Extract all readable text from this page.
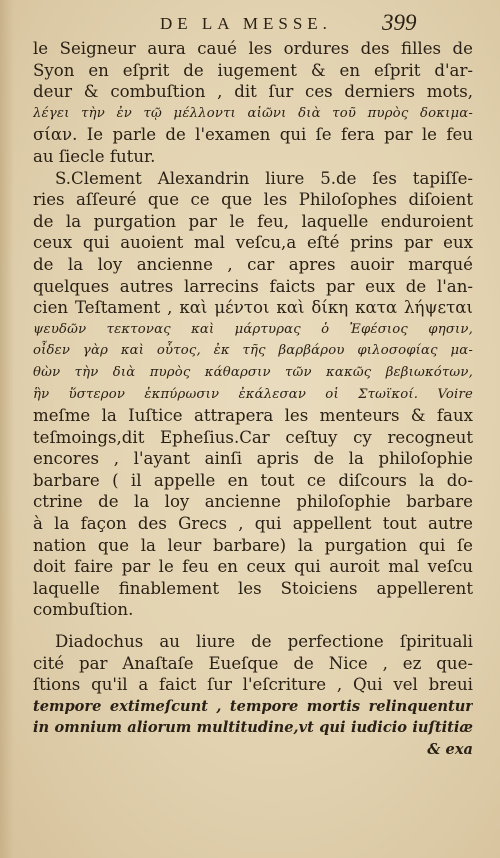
DE LA MESSE. 399
le Seigneur aura caué les ordures des filles de
Syon en eſprit de iugement & en eſprit d'ar-
deur & combuſtion , dit ſur ces derniers mots,
λέγει τὴν ἐν τῷ μέλλοντι αἰῶνι διὰ τοῦ πυρὸς δοκιμα-
σίαν. Ie parle de l'examen qui ſe fera par le feu
au ſiecle futur.
S.Clement Alexandrin liure 5.de ſes tapiſſe-
ries aſſeuré que ce que les Philoſophes diſoient
de la purgation par le feu, laquelle enduroient
ceux qui auoient mal veſcu,a eſté prins par eux
de la loy ancienne , car apres auoir marqué
quelques autres larrecins faicts par eux de l'an-
cien Teſtament , καὶ μέντοι καὶ δίκη κατα λήψεται
ψευδῶν τεκτονας καὶ μάρτυρας ὁ Ἐφέσιος φησιν,
οἶδεν γὰρ καὶ οὗτος, ἐκ τῆς βαρβάρου φιλοσοφίας μα-
θὼν τὴν διὰ πυρὸς κάθαρσιν τῶν κακῶς βεβιωκότων,
ἣν ὕστερον ἐκπύρωσιν ἐκάλεσαν οἱ Στωϊκοί. Voire
meſme la Iuſtice attrapera les menteurs & faux
teſmoings,dit Epheſius.Car ceſtuy cy recogneut
encores , l'ayant ainſi apris de la philoſophie
barbare ( il appelle en tout ce diſcours la do-
ctrine de la loy ancienne philoſophie barbare
à la façon des Grecs , qui appellent tout autre
nation que la leur barbare) la purgation qui ſe
doit faire par le feu en ceux qui auroit mal veſcu
laquelle finablement les Stoiciens appellerent
combuſtion.
Diadochus au liure de perfectione ſpirituali
cité par Anaſtaſe Eueſque de Nice , ez que-
ſtions qu'il a faict ſur l'eſcriture , Qui vel breui
tempore extimeſcunt , tempore mortis relinquentur
in omnium aliorum multitudine,vt qui iudicio iuſtitiæ
& exa
